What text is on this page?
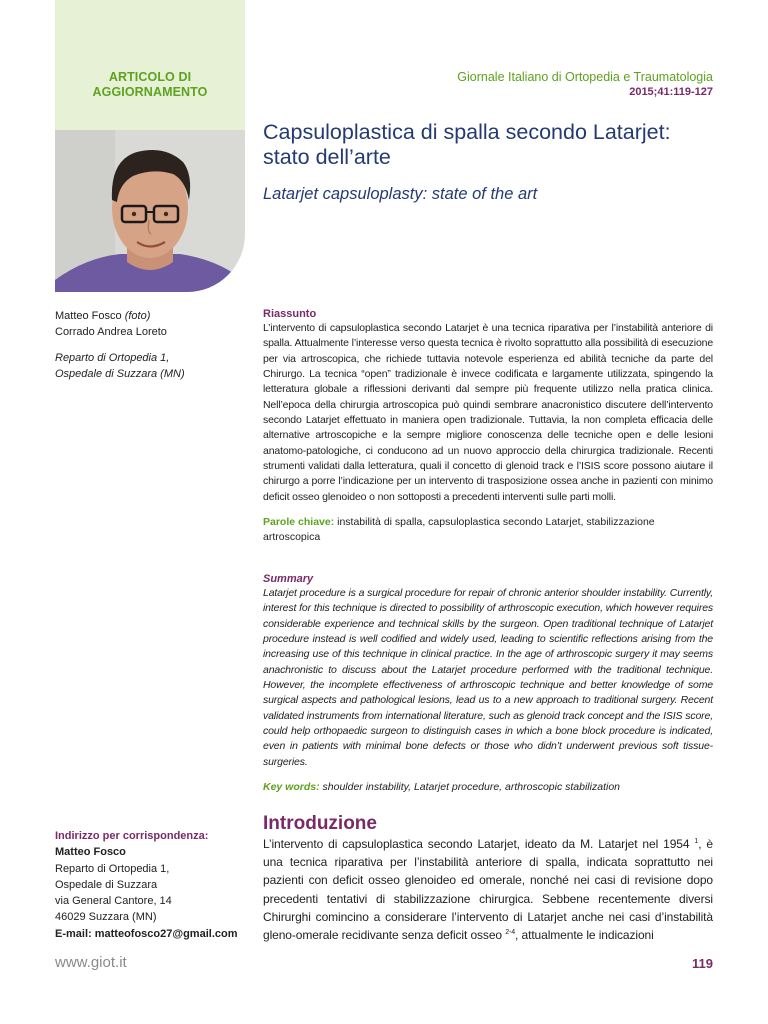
ARTICOLO DI AGGIORNAMENTO
Giornale Italiano di Ortopedia e Traumatologia
2015;41:119-127
Capsuloplastica di spalla secondo Latarjet: stato dell’arte
Latarjet capsuloplasty: state of the art
Matteo Fosco (foto)
Corrado Andrea Loreto
Reparto di Ortopedia 1,
Ospedale di Suzzara (MN)
Riassunto
L’intervento di capsuloplastica secondo Latarjet è una tecnica riparativa per l’instabilità anteriore di spalla. Attualmente l’interesse verso questa tecnica è rivolto soprattutto alla possibilità di esecuzione per via artroscopica, che richiede tuttavia notevole esperienza ed abilità tecniche da parte del Chirurgo. La tecnica “open” tradizionale è invece codificata e largamente utilizzata, spingendo la letteratura globale a riflessioni derivanti dal sempre più frequente utilizzo nella pratica clinica. Nell’epoca della chirurgia artroscopica può quindi sembrare anacronistico discutere dell’intervento secondo Latarjet effettuato in maniera open tradizionale. Tuttavia, la non completa efficacia delle alternative artroscopiche e la sempre migliore conoscenza delle tecniche open e delle lesioni anatomo-patologiche, ci conducono ad un nuovo approccio della chirurgica tradizionale. Recenti strumenti validati dalla letteratura, quali il concetto di glenoid track e l’ISIS score possono aiutare il chirurgo a porre l’indicazione per un intervento di trasposizione ossea anche in pazienti con minimo deficit osseo glenoideo o non sottoposti a precedenti interventi sulle parti molli.
Parole chiave: instabilità di spalla, capsuloplastica secondo Latarjet, stabilizzazione artroscopica
Summary
Latarjet procedure is a surgical procedure for repair of chronic anterior shoulder instability. Currently, interest for this technique is directed to possibility of arthroscopic execution, which however requires considerable experience and technical skills by the surgeon. Open traditional technique of Latarjet procedure instead is well codified and widely used, leading to scientific reflections arising from the increasing use of this technique in clinical practice. In the age of arthroscopic surgery it may seems anachronistic to discuss about the Latarjet procedure performed with the traditional technique. However, the incomplete effectiveness of arthroscopic technique and better knowledge of some surgical aspects and pathological lesions, lead us to a new approach to traditional surgery. Recent validated instruments from international literature, such as glenoid track concept and the ISIS score, could help orthopaedic surgeon to distinguish cases in which a bone block procedure is indicated, even in patients with minimal bone defects or those who didn’t underwent previous soft tissue-surgeries.
Key words: shoulder instability, Latarjet procedure, arthroscopic stabilization
Introduzione
L’intervento di capsuloplastica secondo Latarjet, ideato da M. Latarjet nel 1954 $^1$, è una tecnica riparativa per l’instabilità anteriore di spalla, indicata soprattutto nei pazienti con deficit osseo glenoideo ed omerale, nonché nei casi di revisione dopo precedenti tentativi di stabilizzazione chirurgica. Sebbene recentemente diversi Chirurghi comincino a considerare l’intervento di Latarjet anche nei casi d’instabilità gleno-omerale recidivante senza deficit osseo $^{2-4}$, attualmente le indicazioni
Indirizzo per corrispondenza:
Matteo Fosco
Reparto di Ortopedia 1,
Ospedale di Suzzara
via General Cantore, 14
46029 Suzzara (MN)
E-mail: matteofosco27@gmail.com
www.giot.it	119
